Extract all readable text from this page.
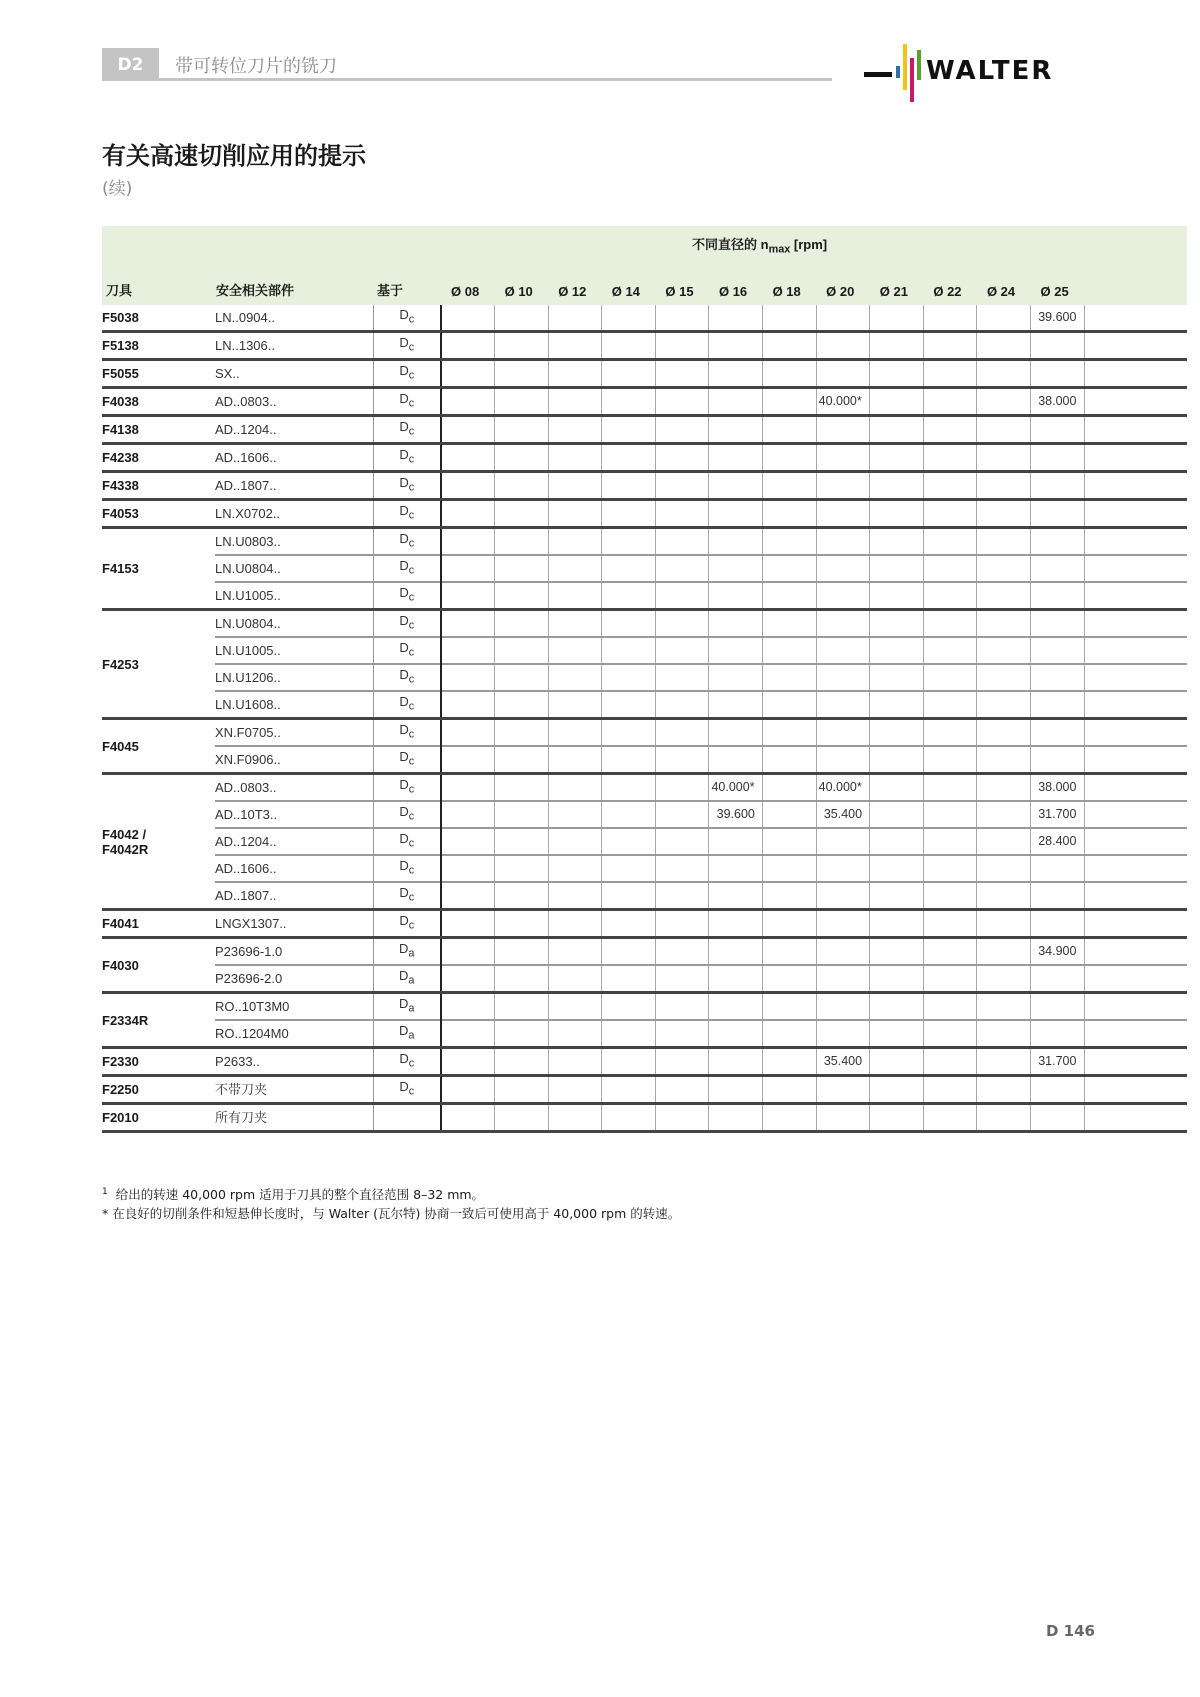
D2	带可转位刀片的铣刀	WALTER
有关高速切削应用的提示
(续)
不同直径的 $n_{max}$ [rpm]															
刀具	安全相关部件	基于	Ø 08	Ø 10	Ø 12	Ø 14	Ø 15	Ø 16	Ø 18	Ø 20	Ø 21	Ø 22	Ø 24	Ø 25	
F5038	LN..0904..	$D_c$												39.600	
F5138	LN..1306..	$D_c$													
F5055	SX..	$D_c$													
F4038	AD..0803..	$D_c$								40.000*				38.000	
F4138	AD..1204..	$D_c$													
F4238	AD..1606..	$D_c$													
F4338	AD..1807..	$D_c$													
F4053	LN.X0702..	$D_c$													
F4153	LN.U0803..	$D_c$													
	LN.U0804..	$D_c$													
	LN.U1005..	$D_c$													
F4253	LN.U0804..	$D_c$													
	LN.U1005..	$D_c$													
	LN.U1206..	$D_c$													
	LN.U1608..	$D_c$													
F4045	XN.F0705..	$D_c$													
	XN.F0906..	$D_c$													
F4042 /
F4042R	AD..0803..	$D_c$						40.000*		40.000*				38.000	
	AD..10T3..	$D_c$						39.600		35.400				31.700	
	AD..1204..	$D_c$												28.400	
	AD..1606..	$D_c$													
	AD..1807..	$D_c$													
F4041	LNGX1307..	$D_c$													
F4030	P23696-1.0	$D_a$												34.900	
	P23696-2.0	$D_a$													
F2334R	RO..10T3M0	$D_a$													
	RO..1204M0	$D_a$													
F2330	P2633..	$D_c$								35.400				31.700	
F2250	不带刀夹	$D_c$													
F2010	所有刀夹														
$^1$ 给出的转速 40,000 rpm 适用于刀具的整个直径范围 8–32 mm。
* 在良好的切削条件和短悬伸长度时，与 Walter (瓦尔特) 协商一致后可使用高于 40,000 rpm 的转速。
D 146
